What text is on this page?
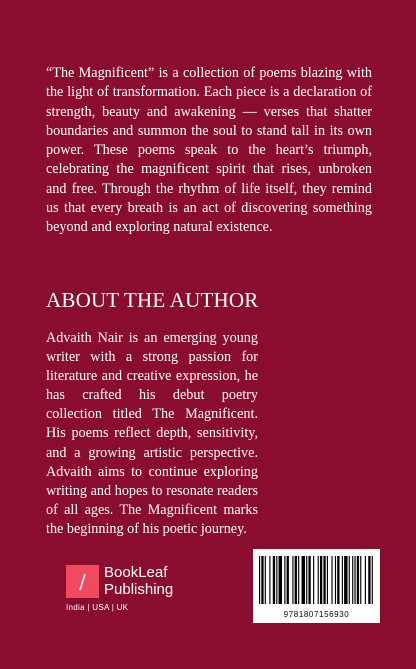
“The Magnificent” is a collection of poems blazing with the light of transformation. Each piece is a declaration of strength, beauty and awakening — verses that shatter boundaries and summon the soul to stand tall in its own power. These poems speak to the heart’s triumph, celebrating the magnificent spirit that rises, unbroken and free. Through the rhythm of life itself, they remind us that every breath is an act of discovering something beyond and exploring natural existence.

ABOUT THE AUTHOR

Advaith Nair is an emerging young writer with a strong passion for literature and creative expression, he has crafted his debut poetry collection titled The Magnificent. His poems reflect depth, sensitivity, and a growing artistic perspective. Advaith aims to continue exploring writing and hopes to resonate readers of all ages. The Magnificent marks the beginning of his poetic journey.

BookLeaf
Publishing
India | USA | UK
9781807156930
